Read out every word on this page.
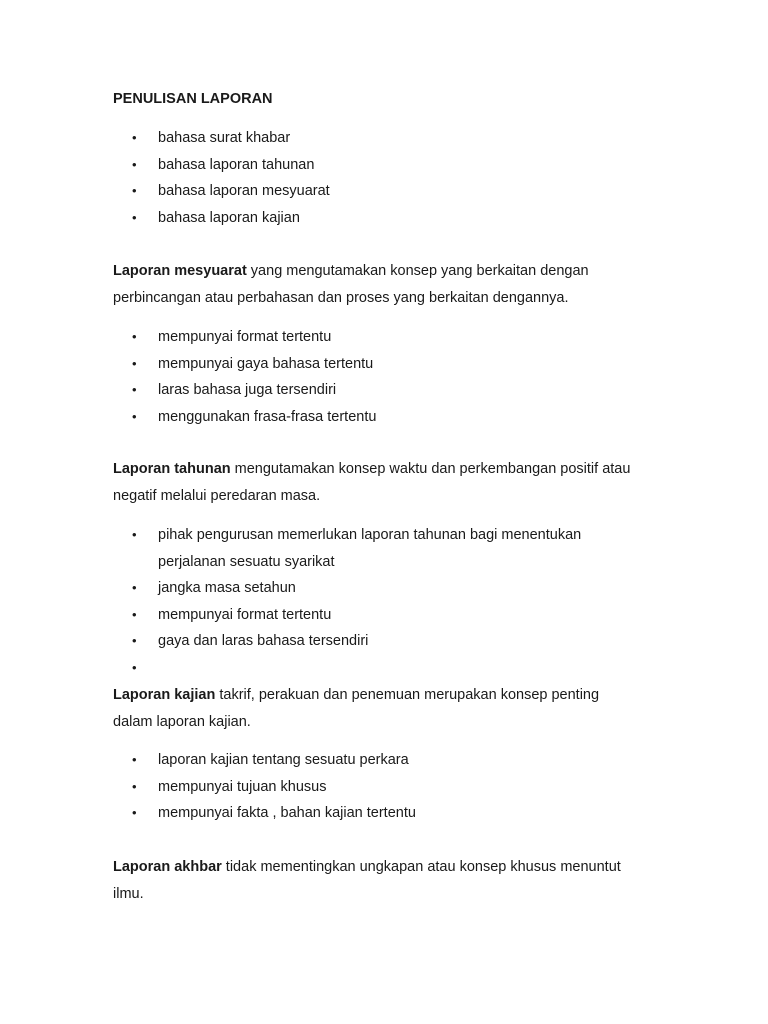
PENULISAN LAPORAN
• bahasa surat khabar
• bahasa laporan tahunan
• bahasa laporan mesyuarat
• bahasa laporan kajian

Laporan mesyuarat yang mengutamakan konsep yang berkaitan dengan
perbincangan atau perbahasan dan proses yang berkaitan dengannya.

• mempunyai format tertentu
• mempunyai gaya bahasa tertentu
• laras bahasa juga tersendiri
• menggunakan frasa-frasa tertentu

Laporan tahunan mengutamakan konsep waktu dan perkembangan positif atau
negatif melalui peredaran masa.

• pihak pengurusan memerlukan laporan tahunan bagi menentukan
perjalanan sesuatu syarikat
• jangka masa setahun
• mempunyai format tertentu
• gaya dan laras bahasa tersendiri
•

Laporan kajian takrif, perakuan dan penemuan merupakan konsep penting
dalam laporan kajian.

• laporan kajian tentang sesuatu perkara
• mempunyai tujuan khusus
• mempunyai fakta , bahan kajian tertentu

Laporan akhbar tidak mementingkan ungkapan atau konsep khusus menuntut
ilmu.
